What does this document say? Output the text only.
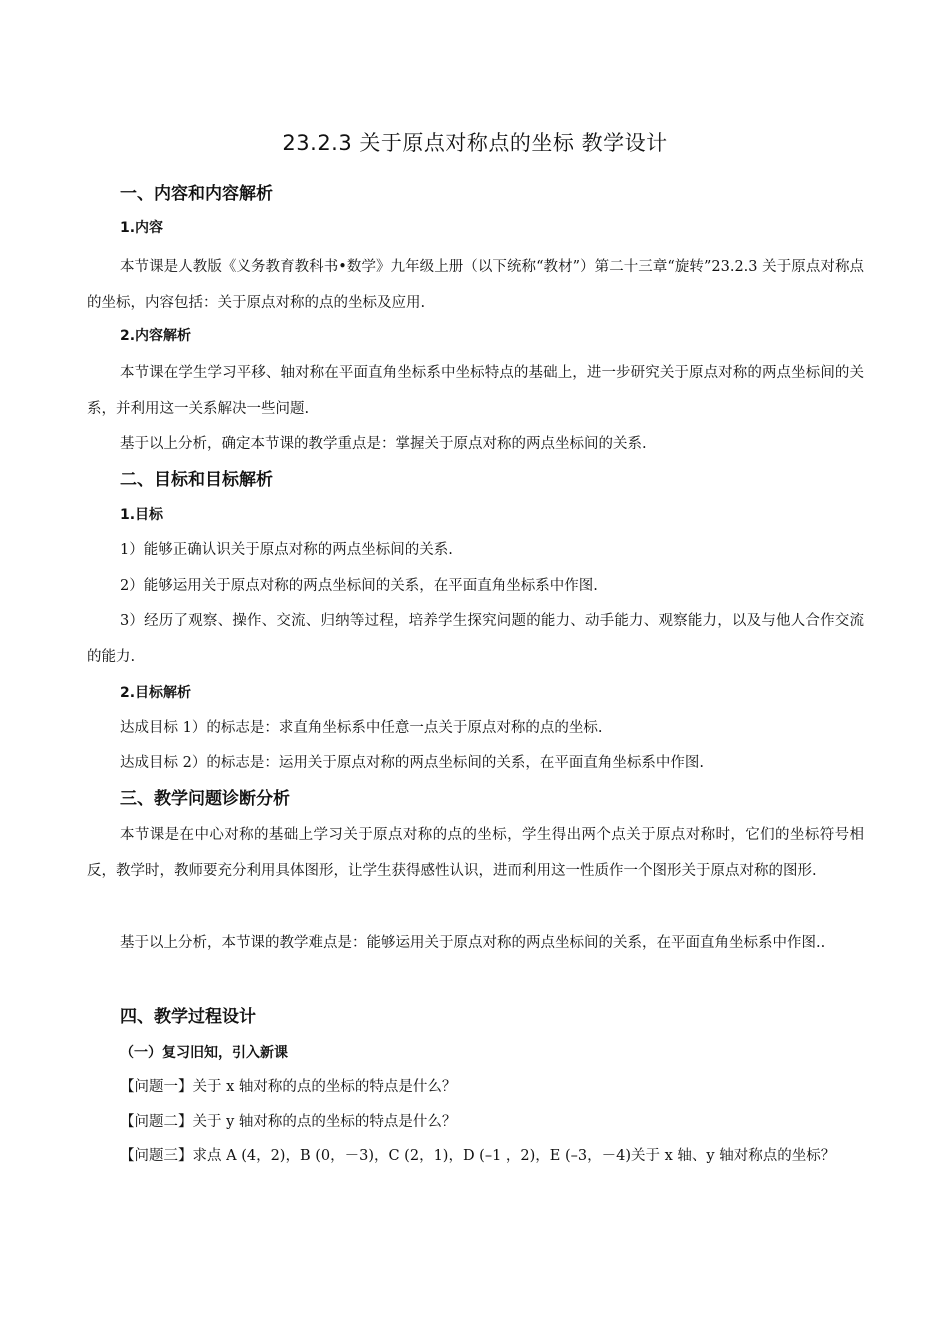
23.2.3 关于原点对称点的坐标 教学设计
一、内容和内容解析
1.内容
本节课是人教版《义务教育教科书•数学》九年级上册（以下统称“教材”）第二十三章“旋转”23.2.3 关于原点对称点的坐标，内容包括：关于原点对称的点的坐标及应用.
2.内容解析
本节课在学生学习平移、轴对称在平面直角坐标系中坐标特点的基础上，进一步研究关于原点对称的两点坐标间的关系，并利用这一关系解决一些问题.
基于以上分析，确定本节课的教学重点是：掌握关于原点对称的两点坐标间的关系.
二、目标和目标解析
1.目标
1）能够正确认识关于原点对称的两点坐标间的关系.
2）能够运用关于原点对称的两点坐标间的关系，在平面直角坐标系中作图.
3）经历了观察、操作、交流、归纳等过程，培养学生探究问题的能力、动手能力、观察能力，以及与他人合作交流的能力.
2.目标解析
达成目标 1）的标志是：求直角坐标系中任意一点关于原点对称的点的坐标.
达成目标 2）的标志是：运用关于原点对称的两点坐标间的关系，在平面直角坐标系中作图.
三、教学问题诊断分析
本节课是在中心对称的基础上学习关于原点对称的点的坐标，学生得出两个点关于原点对称时，它们的坐标符号相反，教学时，教师要充分利用具体图形，让学生获得感性认识，进而利用这一性质作一个图形关于原点对称的图形.
基于以上分析，本节课的教学难点是：能够运用关于原点对称的两点坐标间的关系，在平面直角坐标系中作图..
四、教学过程设计
（一）复习旧知，引入新课
【问题一】关于 x 轴对称的点的坐标的特点是什么？
【问题二】关于 y 轴对称的点的坐标的特点是什么？
【问题三】求点 A (4，2)，B (0，－3)，C (2，1)，D (–1 ，2)，E (–3，－4)关于 x 轴、y 轴对称点的坐标？
